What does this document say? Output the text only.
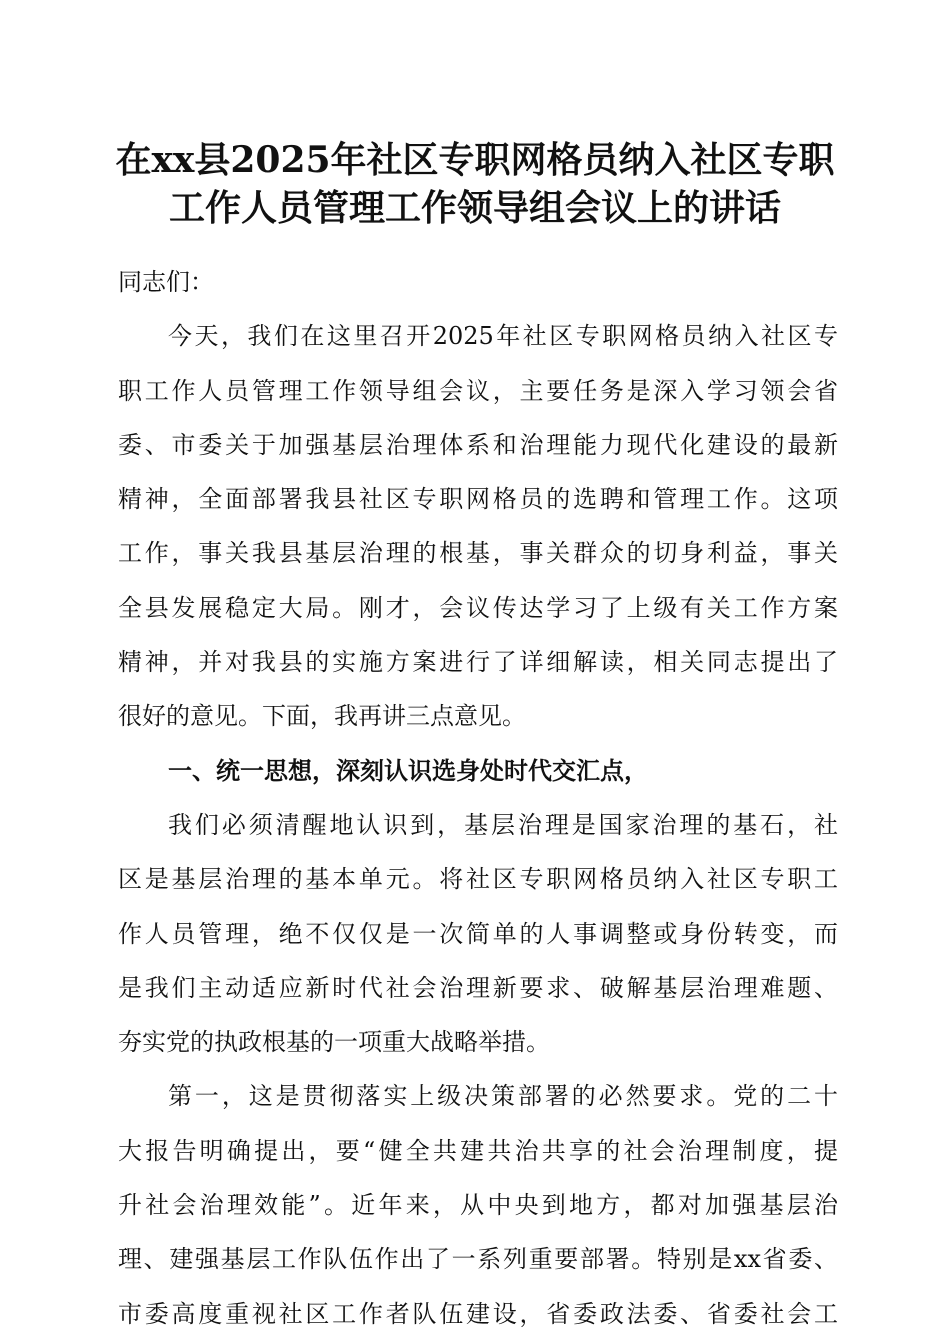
在xx县2025年社区专职网格员纳入社区专职
工作人员管理工作领导组会议上的讲话
同志们：
今天，我们在这里召开2025年社区专职网格员纳入社区专
职工作人员管理工作领导组会议，主要任务是深入学习领会省
委、市委关于加强基层治理体系和治理能力现代化建设的最新
精神，全面部署我县社区专职网格员的选聘和管理工作。这项
工作，事关我县基层治理的根基，事关群众的切身利益，事关
全县发展稳定大局。刚才，会议传达学习了上级有关工作方案
精神，并对我县的实施方案进行了详细解读，相关同志提出了
很好的意见。下面，我再讲三点意见。
一、统一思想，深刻认识选身处时代交汇点，
我们必须清醒地认识到，基层治理是国家治理的基石，社
区是基层治理的基本单元。将社区专职网格员纳入社区专职工
作人员管理，绝不仅仅是一次简单的人事调整或身份转变，而
是我们主动适应新时代社会治理新要求、破解基层治理难题、
夯实党的执政根基的一项重大战略举措。
第一，这是贯彻落实上级决策部署的必然要求。党的二十
大报告明确提出，要“健全共建共治共享的社会治理制度，提
升社会治理效能”。近年来，从中央到地方，都对加强基层治
理、建强基层工作队伍作出了一系列重要部署。特别是xx省委、
市委高度重视社区工作者队伍建设，省委政法委、省委社会工
